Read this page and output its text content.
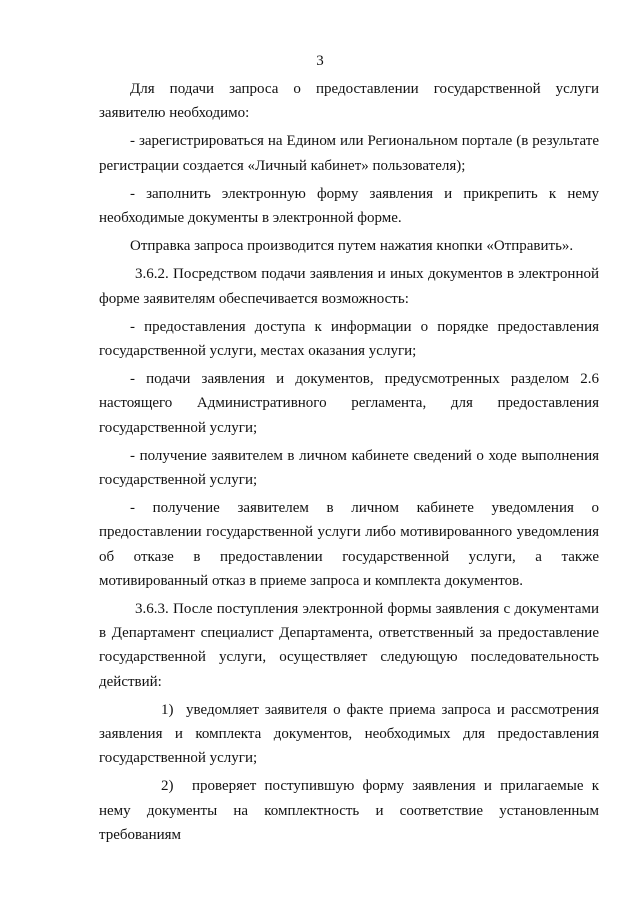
3

Для подачи запроса о предоставлении государственной услуги заявителю необходимо:

- зарегистрироваться на Едином или Региональном портале (в результате регистрации создается «Личный кабинет» пользователя);

- заполнить электронную форму заявления и прикрепить к нему необходимые документы в электронной форме.

Отправка запроса производится путем нажатия кнопки «Отправить».

3.6.2. Посредством подачи заявления и иных документов в электронной форме заявителям обеспечивается возможность:

- предоставления доступа к информации о порядке предоставления государственной услуги, местах оказания услуги;

- подачи заявления и документов, предусмотренных разделом 2.6 настоящего Административного регламента, для предоставления государственной услуги;

- получение заявителем в личном кабинете сведений о ходе выполнения государственной услуги;

- получение заявителем в личном кабинете уведомления о предоставлении государственной услуги либо мотивированного уведомления об отказе в предоставлении государственной услуги, а также мотивированный отказ в приеме запроса и комплекта документов.

3.6.3. После поступления электронной формы заявления с документами в Департамент специалист Департамента, ответственный за предоставление государственной услуги, осуществляет следующую последовательность действий:

1) уведомляет заявителя о факте приема запроса и рассмотрения заявления и комплекта документов, необходимых для предоставления государственной услуги;

2) проверяет поступившую форму заявления и прилагаемые к нему документы на комплектность и соответствие установленным требованиям
